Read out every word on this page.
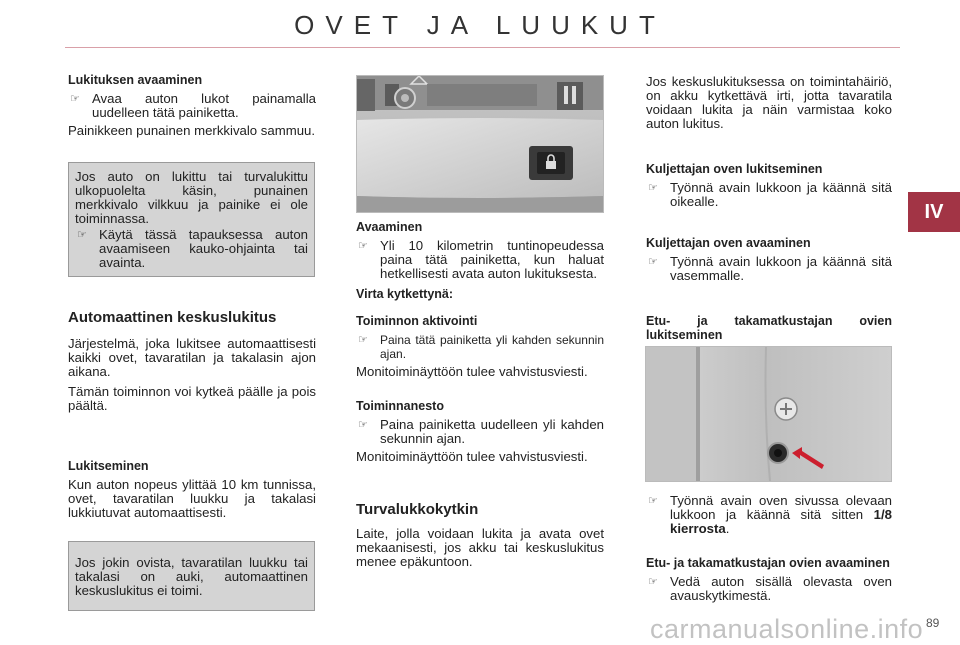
OVET JA LUUKUT
IV

Lukituksen avaaminen

☞ Avaa auton lukot painamalla uudelleen tätä painiketta.

Painikkeen punainen merkkivalo sammuu.

Jos auto on lukittu tai turvalukittu ulkopuolelta käsin, punainen merkkivalo vilkkuu ja painike ei ole toiminnassa.

☞ Käytä tässä tapauksessa auton avaamiseen kauko-ohjainta tai avainta.

Automaattinen keskuslukitus

Järjestelmä, joka lukitsee automaattisesti kaikki ovet, tavaratilan ja takalasin ajon aikana.

Tämän toiminnon voi kytkeä päälle ja pois päältä.

Lukitseminen

Kun auton nopeus ylittää 10 km tunnissa, ovet, tavaratilan luukku ja takalasi lukkiutuvat automaattisesti.

Jos jokin ovista, tavaratilan luukku tai takalasi on auki, automaattinen keskuslukitus ei toimi.

Avaaminen

☞ Yli 10 kilometrin tuntinopeudessa paina tätä painiketta, kun haluat hetkellisesti avata auton lukituksesta.

Virta kytkettynä:

Toiminnon aktivointi

☞ Paina tätä painiketta yli kahden sekunnin ajan.

Monitoiminäyttöön tulee vahvistusviesti.

Toiminnanesto

☞ Paina painiketta uudelleen yli kahden sekunnin ajan.

Monitoiminäyttöön tulee vahvistusviesti.

Turvalukkokytkin

Laite, jolla voidaan lukita ja avata ovet mekaanisesti, jos akku tai keskuslukitus menee epäkuntoon.

Jos keskuslukituksessa on toimintahäiriö, on akku kytkettävä irti, jotta tavaratila voidaan lukita ja näin varmistaa koko auton lukitus.

Kuljettajan oven lukitseminen

☞ Työnnä avain lukkoon ja käännä sitä oikealle.

Kuljettajan oven avaaminen

☞ Työnnä avain lukkoon ja käännä sitä vasemmalle.

Etu- ja takamatkustajan ovien lukitseminen

☞ Työnnä avain oven sivussa olevaan lukkoon ja käännä sitä sitten 1/8 kierrosta.

Etu- ja takamatkustajan ovien avaaminen

☞ Vedä auton sisällä olevasta oven avauskytkimestä.
89
carmanualsonline.info
